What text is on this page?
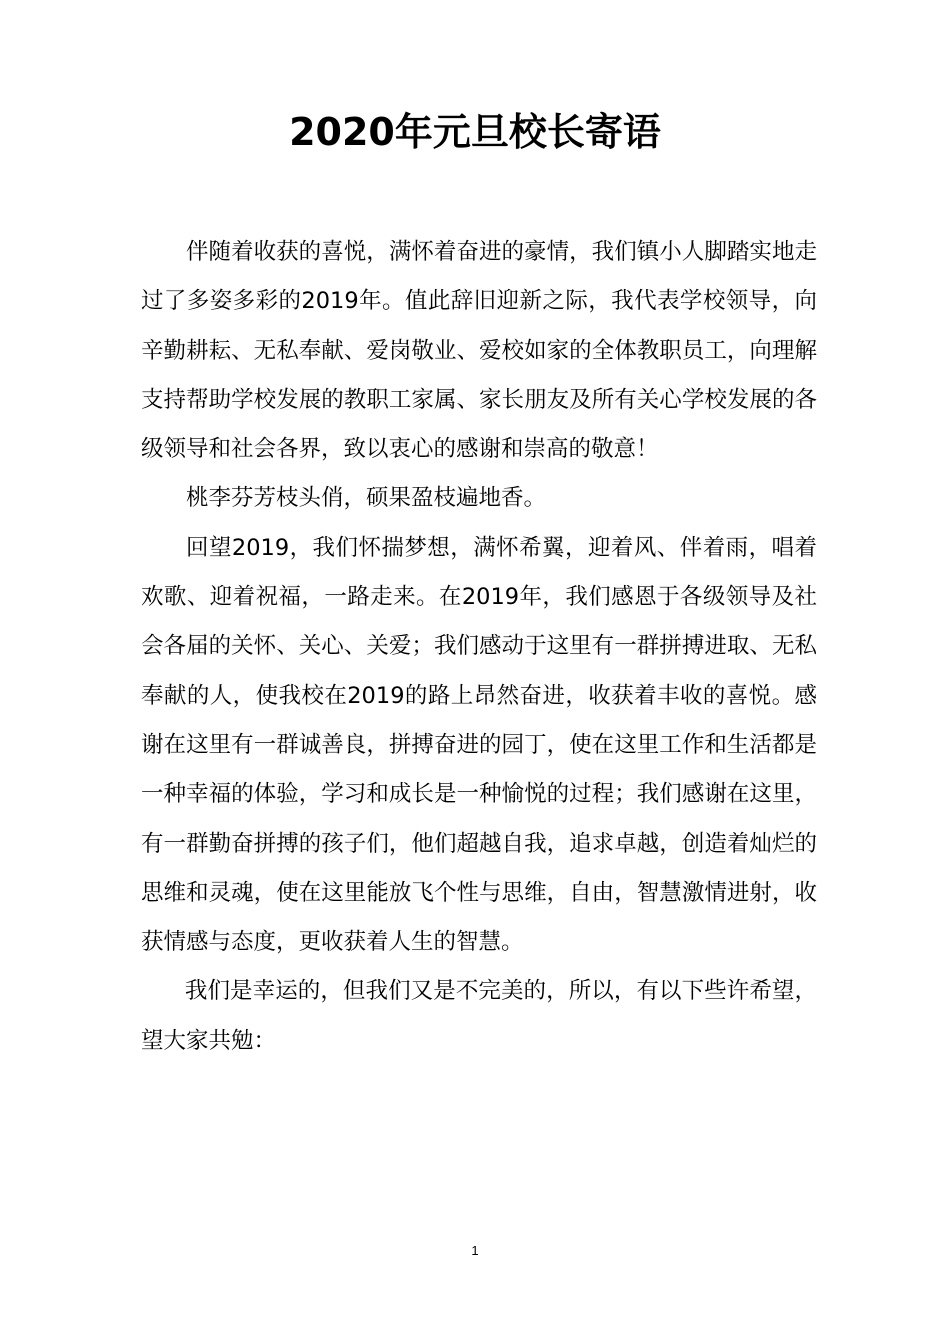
2020年元旦校长寄语

伴随着收获的喜悦，满怀着奋进的豪情，我们镇小人脚踏实地走过了多姿多彩的2019年。值此辞旧迎新之际，我代表学校领导，向辛勤耕耘、无私奉献、爱岗敬业、爱校如家的全体教职员工，向理解支持帮助学校发展的教职工家属、家长朋友及所有关心学校发展的各级领导和社会各界，致以衷心的感谢和崇高的敬意！

桃李芬芳枝头俏，硕果盈枝遍地香。

回望2019，我们怀揣梦想，满怀希翼，迎着风、伴着雨，唱着欢歌、迎着祝福，一路走来。在2019年，我们感恩于各级领导及社会各届的关怀、关心、关爱；我们感动于这里有一群拼搏进取、无私奉献的人，使我校在2019的路上昂然奋进，收获着丰收的喜悦。感谢在这里有一群诚善良，拼搏奋进的园丁，使在这里工作和生活都是一种幸福的体验，学习和成长是一种愉悦的过程；我们感谢在这里，有一群勤奋拼搏的孩子们，他们超越自我，追求卓越，创造着灿烂的思维和灵魂，使在这里能放飞个性与思维，自由，智慧激情进射，收获情感与态度，更收获着人生的智慧。

我们是幸运的，但我们又是不完美的，所以，有以下些许希望，望大家共勉：

1
